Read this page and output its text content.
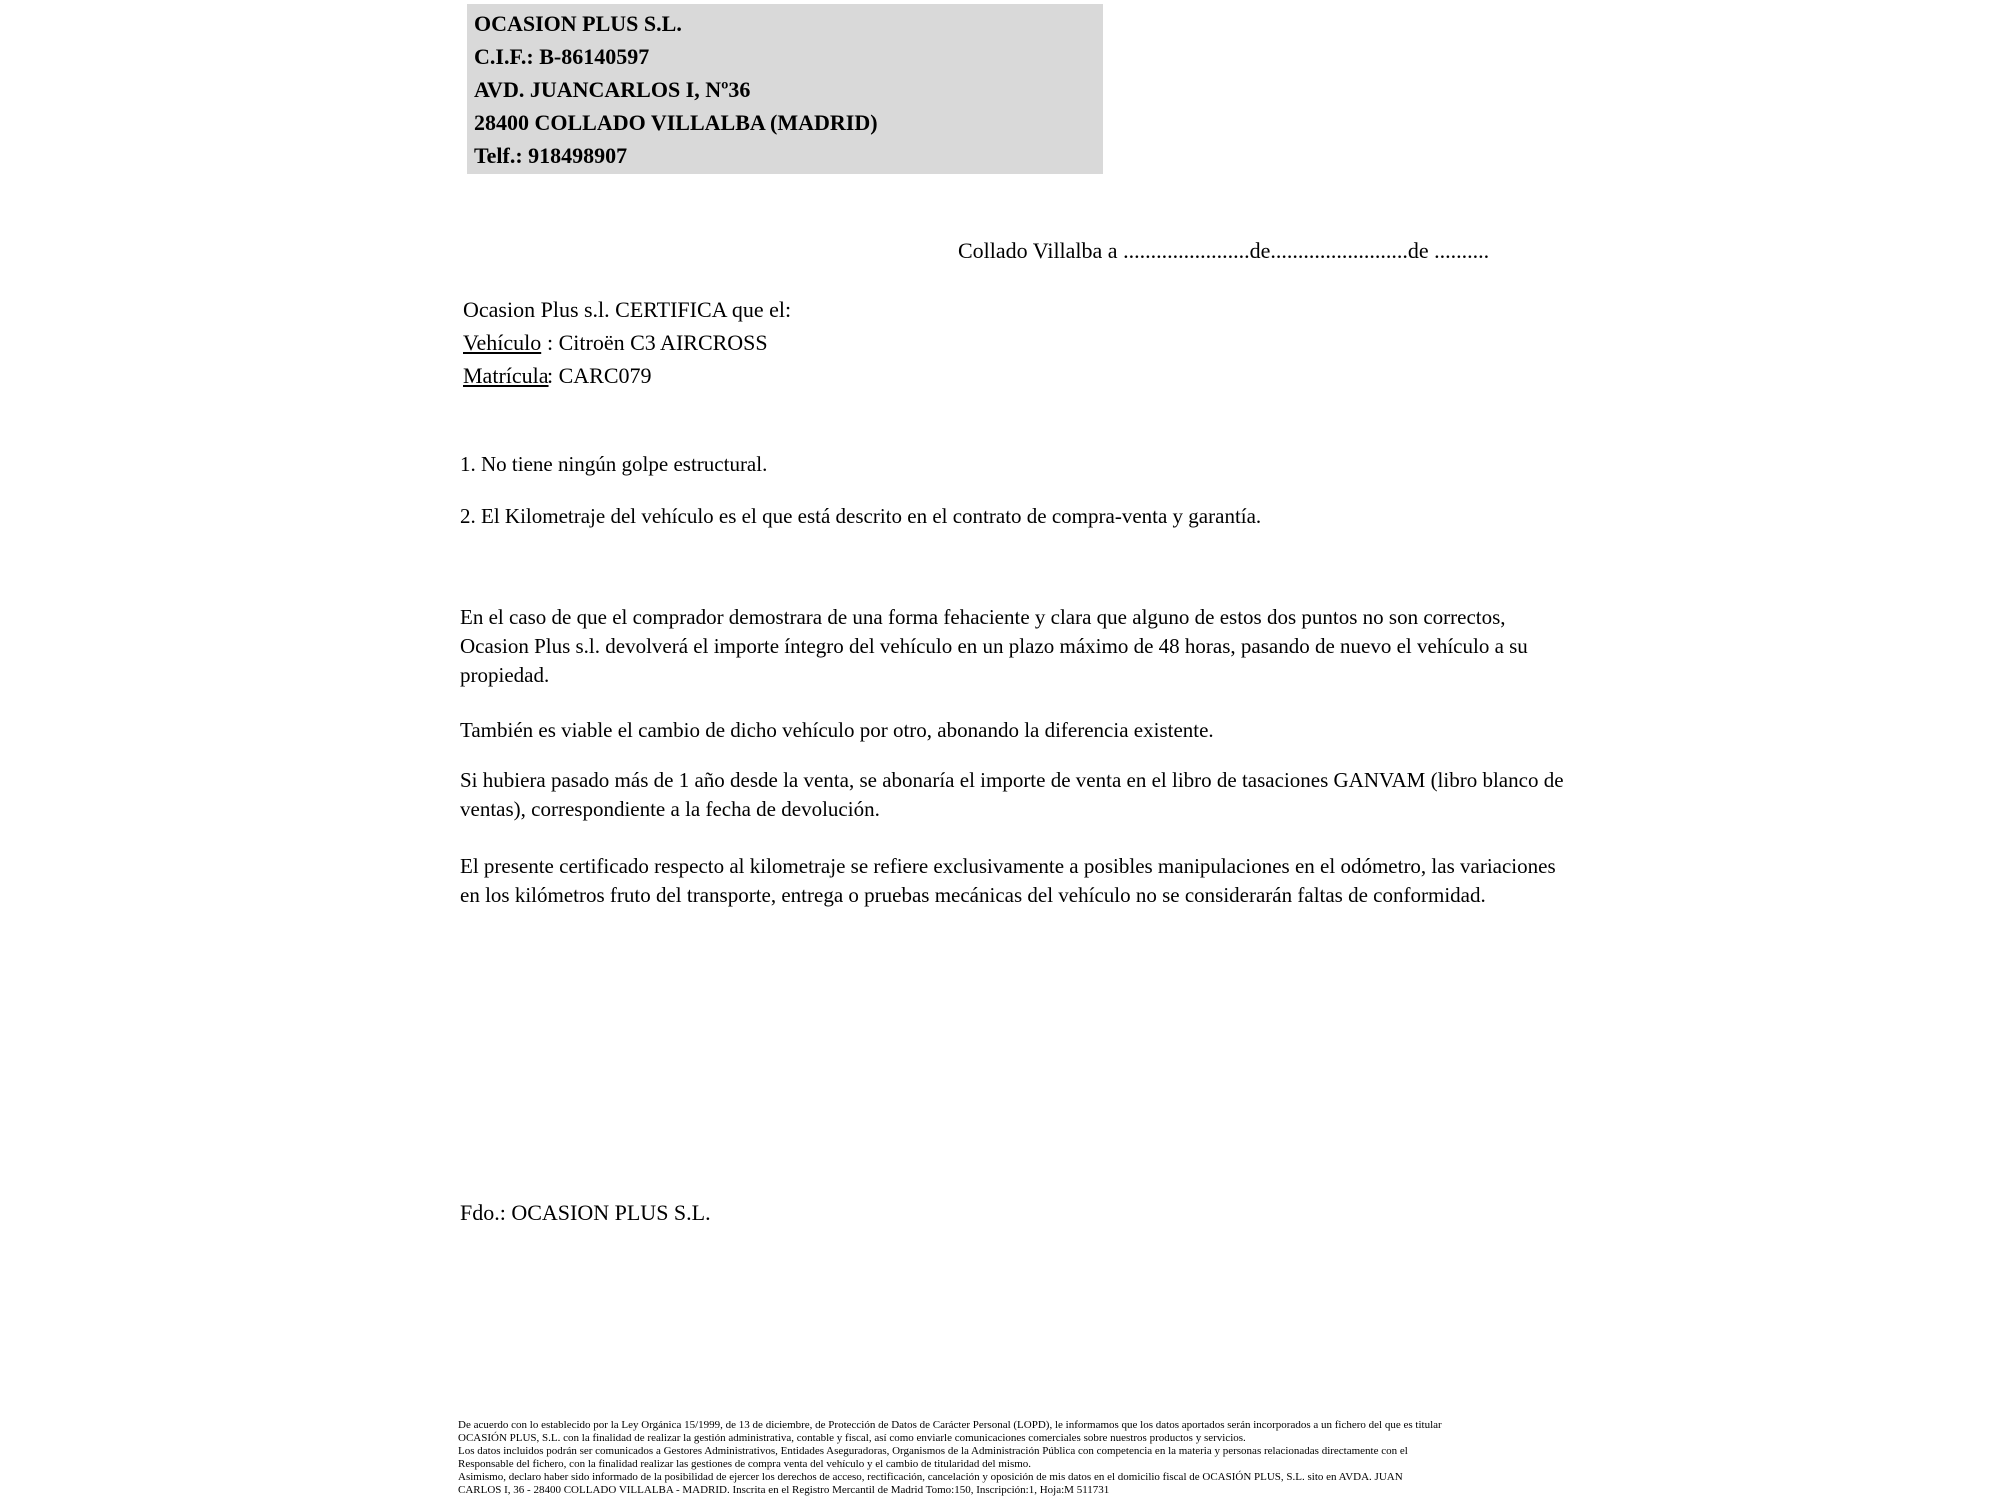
OCASION PLUS S.L.
C.I.F.: B-86140597
AVD. JUANCARLOS I, Nº36
28400 COLLADO VILLALBA (MADRID)
Telf.: 918498907
Collado Villalba a .......................de.........................de ..........
Ocasion Plus s.l. CERTIFICA que el:
Vehículo : Citroën C3 AIRCROSS
Matrícula: CARC079
1. No tiene ningún golpe estructural.
2. El Kilometraje del vehículo es el que está descrito en el contrato de compra-venta y garantía.
En el caso de que el comprador demostrara de una forma fehaciente y clara que alguno de estos dos puntos no son correctos, Ocasion Plus s.l. devolverá el importe íntegro del vehículo en un plazo máximo de 48 horas, pasando de nuevo el vehículo a su propiedad.
También es viable el cambio de dicho vehículo por otro, abonando la diferencia existente.
Si hubiera pasado más de 1 año desde la venta, se abonaría el importe de venta en el libro de tasaciones GANVAM (libro blanco de ventas), correspondiente a la fecha de devolución.
El presente certificado respecto al kilometraje se refiere exclusivamente a posibles manipulaciones en el odómetro, las variaciones en los kilómetros fruto del transporte, entrega o pruebas mecánicas del vehículo no se considerarán faltas de conformidad.
Fdo.: OCASION PLUS S.L.
De acuerdo con lo establecido por la Ley Orgánica 15/1999, de 13 de diciembre, de Protección de Datos de Carácter Personal (LOPD), le informamos que los datos aportados serán incorporados a un fichero del que es titular
OCASIÓN PLUS, S.L. con la finalidad de realizar la gestión administrativa, contable y fiscal, así como enviarle comunicaciones comerciales sobre nuestros productos y servicios.
Los datos incluidos podrán ser comunicados a Gestores Administrativos, Entidades Aseguradoras, Organismos de la Administración Pública con competencia en la materia y personas relacionadas directamente con el
Responsable del fichero, con la finalidad realizar las gestiones de compra venta del vehículo y el cambio de titularidad del mismo.
Asimismo, declaro haber sido informado de la posibilidad de ejercer los derechos de acceso, rectificación, cancelación y oposición de mis datos en el domicilio fiscal de OCASIÓN PLUS, S.L. sito en AVDA. JUAN
CARLOS I, 36 - 28400 COLLADO VILLALBA - MADRID. Inscrita en el Registro Mercantil de Madrid Tomo:150, Inscripción:1, Hoja:M 511731
